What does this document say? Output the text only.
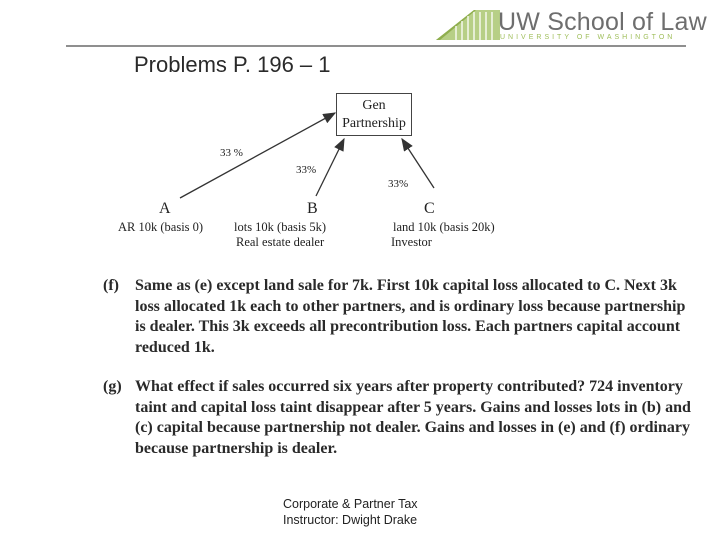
UW School of Law
UNIVERSITY OF WASHINGTON
Problems P. 196 – 1
Gen
Partnership
33 %
33%
33%
A	B	C
AR 10k (basis 0) lots 10k (basis 5k)
Real estate dealer
land 10k (basis 20k)
Investor
(f) Same as (e) except land sale for 7k. First 10k capital loss allocated to C. Next 3k loss allocated 1k each to other partners, and is ordinary loss because partnership is dealer. This 3k exceeds all precontribution loss. Each partners capital account reduced 1k.
(g) What effect if sales occurred six years after property contributed? 724 inventory taint and capital loss taint disappear after 5 years. Gains and losses lots in (b) and (c) capital because partnership not dealer. Gains and losses in (e) and (f) ordinary because partnership is dealer.
Corporate & Partner Tax
Instructor: Dwight Drake
